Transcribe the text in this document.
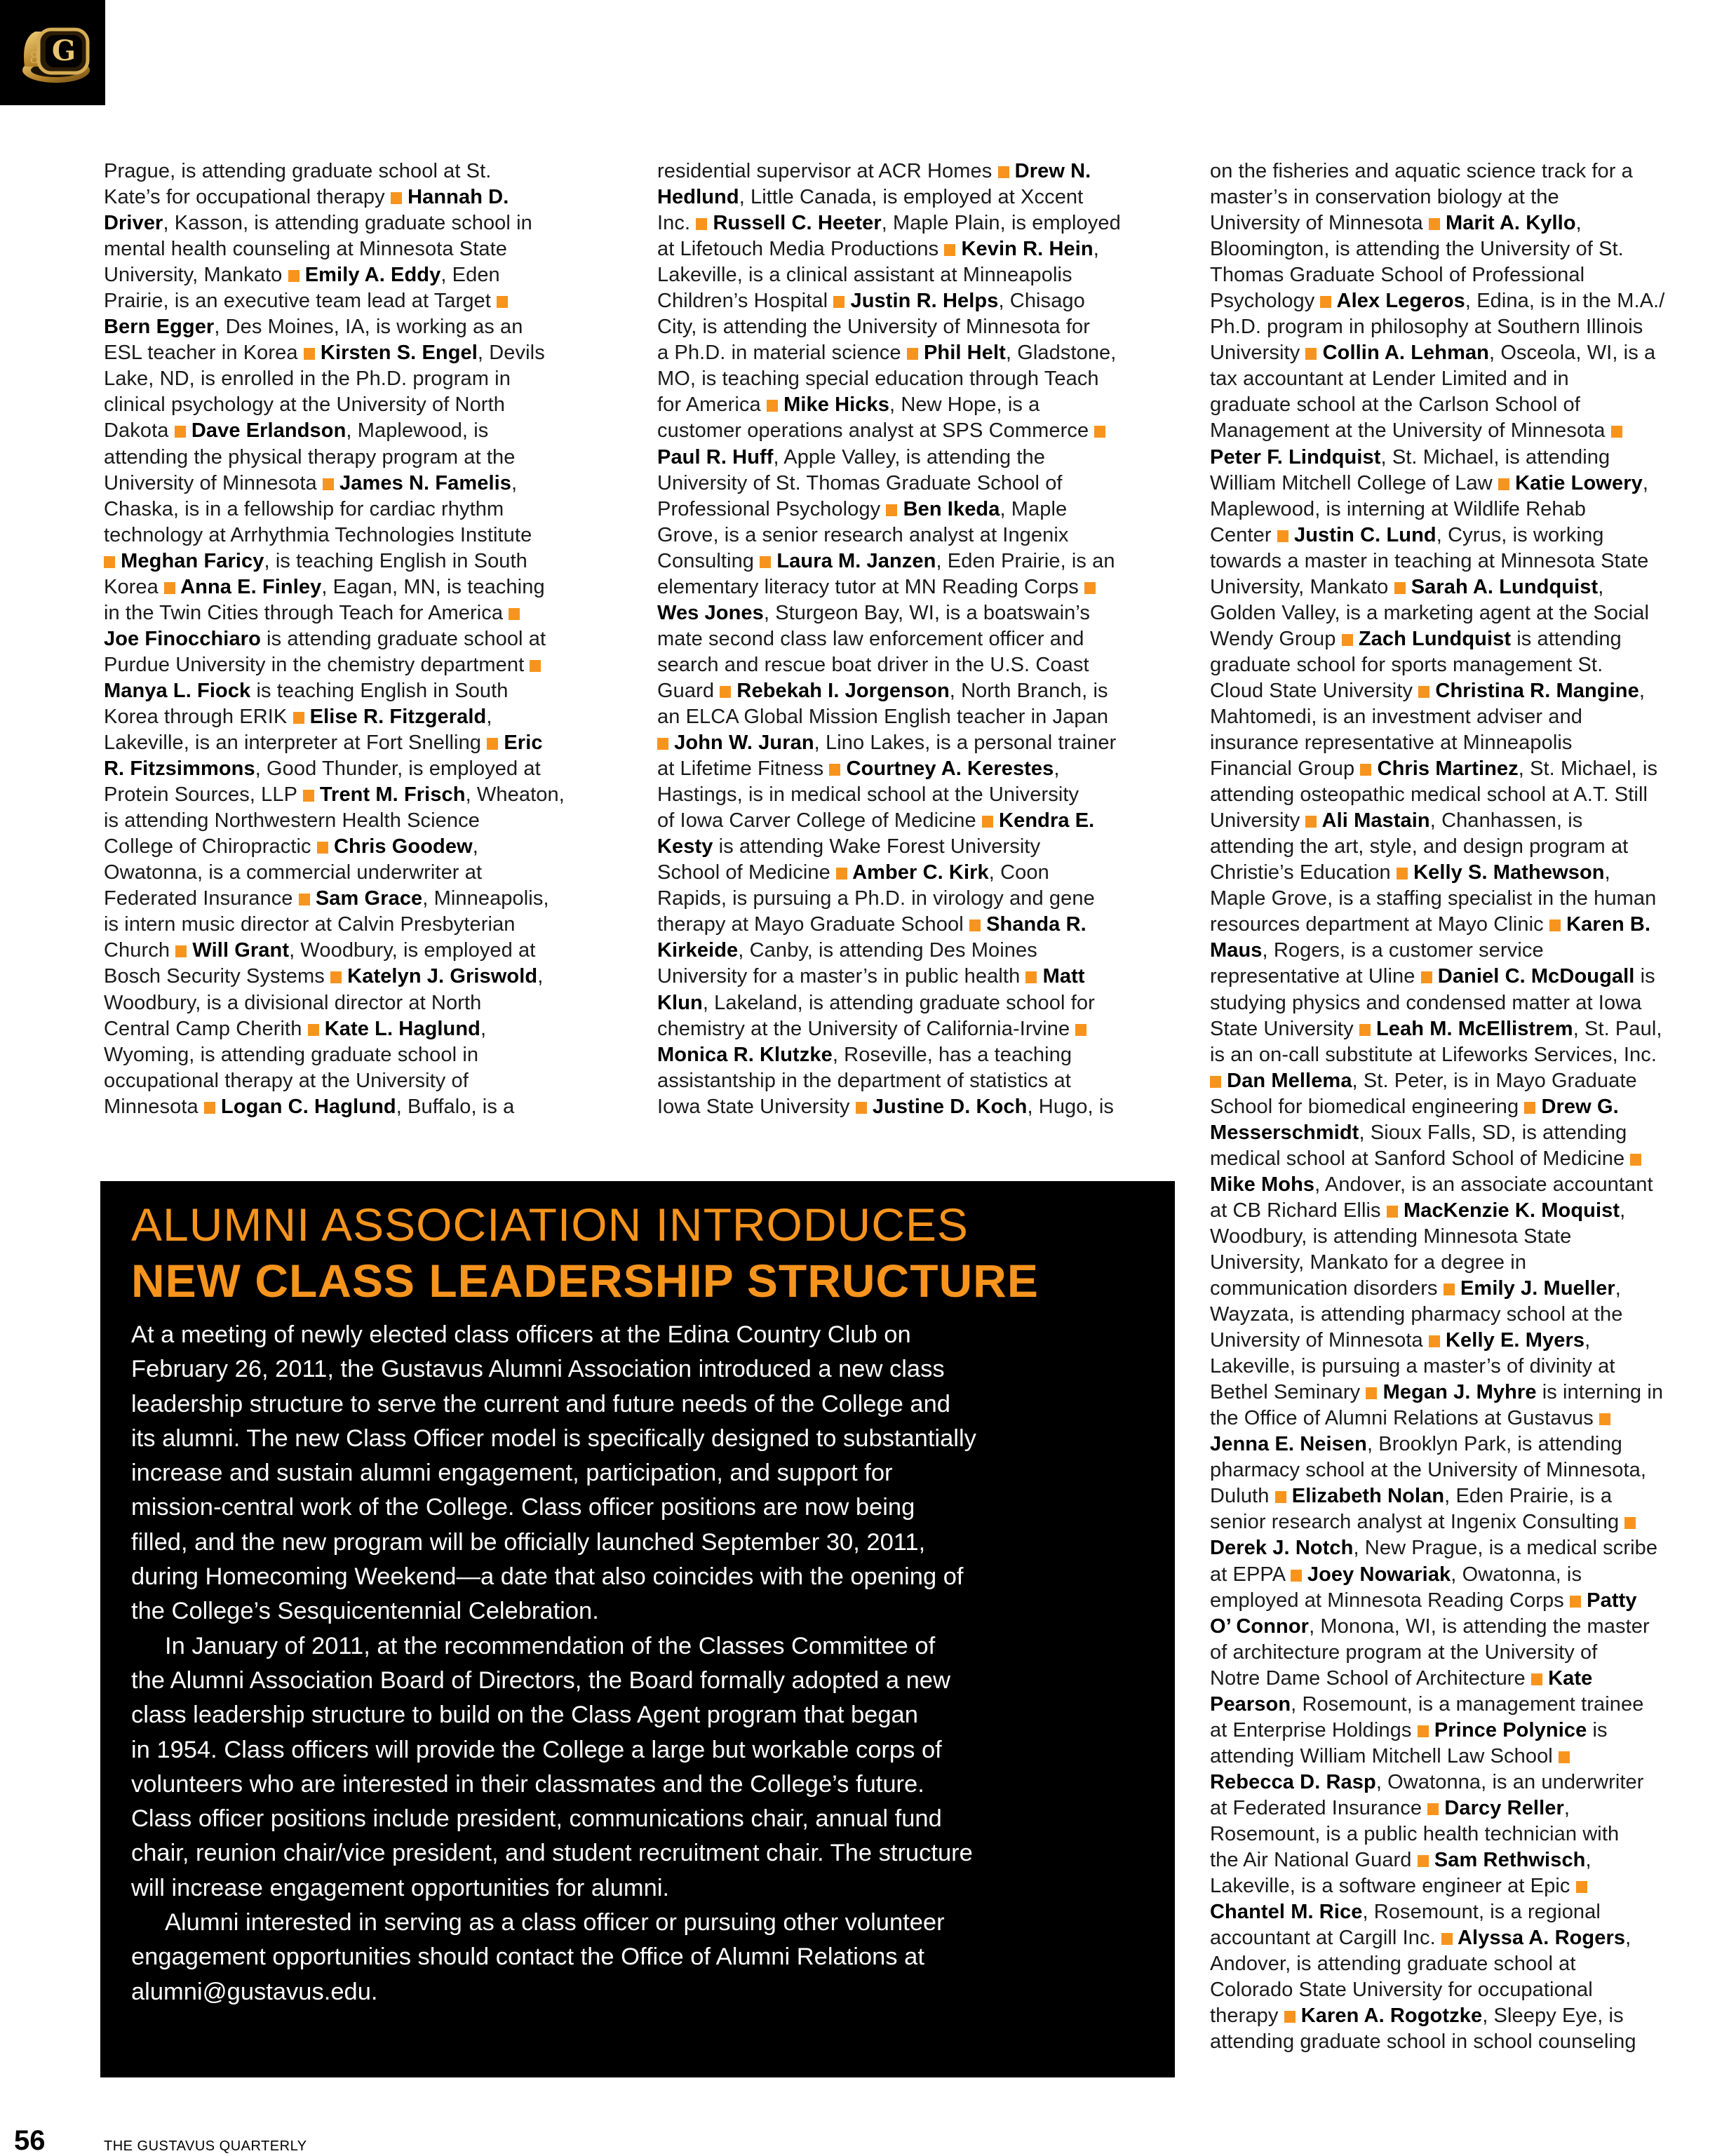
G
8
Prague, is attending graduate school at St.
Kate’s for occupational therapy  Hannah D.
Driver, Kasson, is attending graduate school in
mental health counseling at Minnesota State
University, Mankato  Emily A. Eddy, Eden
Prairie, is an executive team lead at Target
Bern Egger, Des Moines, IA, is working as an
ESL teacher in Korea  Kirsten S. Engel, Devils
Lake, ND, is enrolled in the Ph.D. program in
clinical psychology at the University of North
Dakota  Dave Erlandson, Maplewood, is
attending the physical therapy program at the
University of Minnesota  James N. Famelis,
Chaska, is in a fellowship for cardiac rhythm
technology at Arrhythmia Technologies Institute
Meghan Faricy, is teaching English in South
Korea  Anna E. Finley, Eagan, MN, is teaching
in the Twin Cities through Teach for America
Joe Finocchiaro is attending graduate school at
Purdue University in the chemistry department
Manya L. Fiock is teaching English in South
Korea through ERIK  Elise R. Fitzgerald,
Lakeville, is an interpreter at Fort Snelling  Eric
R. Fitzsimmons, Good Thunder, is employed at
Protein Sources, LLP  Trent M. Frisch, Wheaton,
is attending Northwestern Health Science
College of Chiropractic  Chris Goodew,
Owatonna, is a commercial underwriter at
Federated Insurance  Sam Grace, Minneapolis,
is intern music director at Calvin Presbyterian
Church  Will Grant, Woodbury, is employed at
Bosch Security Systems  Katelyn J. Griswold,
Woodbury, is a divisional director at North
Central Camp Cherith  Kate L. Haglund,
Wyoming, is attending graduate school in
occupational therapy at the University of
Minnesota  Logan C. Haglund, Buffalo, is a
residential supervisor at ACR Homes  Drew N.
Hedlund, Little Canada, is employed at Xccent
Inc.  Russell C. Heeter, Maple Plain, is employed
at Lifetouch Media Productions  Kevin R. Hein,
Lakeville, is a clinical assistant at Minneapolis
Children’s Hospital  Justin R. Helps, Chisago
City, is attending the University of Minnesota for
a Ph.D. in material science  Phil Helt, Gladstone,
MO, is teaching special education through Teach
for America  Mike Hicks, New Hope, is a
customer operations analyst at SPS Commerce
Paul R. Huff, Apple Valley, is attending the
University of St. Thomas Graduate School of
Professional Psychology  Ben Ikeda, Maple
Grove, is a senior research analyst at Ingenix
Consulting  Laura M. Janzen, Eden Prairie, is an
elementary literacy tutor at MN Reading Corps
Wes Jones, Sturgeon Bay, WI, is a boatswain’s
mate second class law enforcement officer and
search and rescue boat driver in the U.S. Coast
Guard  Rebekah I. Jorgenson, North Branch, is
an ELCA Global Mission English teacher in Japan
John W. Juran, Lino Lakes, is a personal trainer
at Lifetime Fitness  Courtney A. Kerestes,
Hastings, is in medical school at the University
of Iowa Carver College of Medicine  Kendra E.
Kesty is attending Wake Forest University
School of Medicine  Amber C. Kirk, Coon
Rapids, is pursuing a Ph.D. in virology and gene
therapy at Mayo Graduate School  Shanda R.
Kirkeide, Canby, is attending Des Moines
University for a master’s in public health  Matt
Klun, Lakeland, is attending graduate school for
chemistry at the University of California-Irvine
Monica R. Klutzke, Roseville, has a teaching
assistantship in the department of statistics at
Iowa State University  Justine D. Koch, Hugo, is
on the fisheries and aquatic science track for a
master’s in conservation biology at the
University of Minnesota  Marit A. Kyllo,
Bloomington, is attending the University of St.
Thomas Graduate School of Professional
Psychology  Alex Legeros, Edina, is in the M.A./
Ph.D. program in philosophy at Southern Illinois
University  Collin A. Lehman, Osceola, WI, is a
tax accountant at Lender Limited and in
graduate school at the Carlson School of
Management at the University of Minnesota
Peter F. Lindquist, St. Michael, is attending
William Mitchell College of Law  Katie Lowery,
Maplewood, is interning at Wildlife Rehab
Center  Justin C. Lund, Cyrus, is working
towards a master in teaching at Minnesota State
University, Mankato  Sarah A. Lundquist,
Golden Valley, is a marketing agent at the Social
Wendy Group  Zach Lundquist is attending
graduate school for sports management St.
Cloud State University  Christina R. Mangine,
Mahtomedi, is an investment adviser and
insurance representative at Minneapolis
Financial Group  Chris Martinez, St. Michael, is
attending osteopathic medical school at A.T. Still
University  Ali Mastain, Chanhassen, is
attending the art, style, and design program at
Christie’s Education  Kelly S. Mathewson,
Maple Grove, is a staffing specialist in the human
resources department at Mayo Clinic  Karen B.
Maus, Rogers, is a customer service
representative at Uline  Daniel C. McDougall is
studying physics and condensed matter at Iowa
State University  Leah M. McEllistrem, St. Paul,
is an on-call substitute at Lifeworks Services, Inc.
Dan Mellema, St. Peter, is in Mayo Graduate
School for biomedical engineering  Drew G.
Messerschmidt, Sioux Falls, SD, is attending
medical school at Sanford School of Medicine
Mike Mohs, Andover, is an associate accountant
at CB Richard Ellis  MacKenzie K. Moquist,
Woodbury, is attending Minnesota State
University, Mankato for a degree in
communication disorders  Emily J. Mueller,
Wayzata, is attending pharmacy school at the
University of Minnesota  Kelly E. Myers,
Lakeville, is pursuing a master’s of divinity at
Bethel Seminary  Megan J. Myhre is interning in
the Office of Alumni Relations at Gustavus
Jenna E. Neisen, Brooklyn Park, is attending
pharmacy school at the University of Minnesota,
Duluth  Elizabeth Nolan, Eden Prairie, is a
senior research analyst at Ingenix Consulting
Derek J. Notch, New Prague, is a medical scribe
at EPPA  Joey Nowariak, Owatonna, is
employed at Minnesota Reading Corps  Patty
O’ Connor, Monona, WI, is attending the master
of architecture program at the University of
Notre Dame School of Architecture  Kate
Pearson, Rosemount, is a management trainee
at Enterprise Holdings  Prince Polynice is
attending William Mitchell Law School
Rebecca D. Rasp, Owatonna, is an underwriter
at Federated Insurance  Darcy Reller,
Rosemount, is a public health technician with
the Air National Guard  Sam Rethwisch,
Lakeville, is a software engineer at Epic
Chantel M. Rice, Rosemount, is a regional
accountant at Cargill Inc.  Alyssa A. Rogers,
Andover, is attending graduate school at
Colorado State University for occupational
therapy  Karen A. Rogotzke, Sleepy Eye, is
attending graduate school in school counseling
ALUMNI ASSOCIATION INTRODUCES
NEW CLASS LEADERSHIP STRUCTURE
At a meeting of newly elected class officers at the Edina Country Club on
February 26, 2011, the Gustavus Alumni Association introduced a new class
leadership structure to serve the current and future needs of the College and
its alumni. The new Class Officer model is specifically designed to substantially
increase and sustain alumni engagement, participation, and support for
mission-central work of the College. Class officer positions are now being
filled, and the new program will be officially launched September 30, 2011,
during Homecoming Weekend—a date that also coincides with the opening of
the College’s Sesquicentennial Celebration.
In January of 2011, at the recommendation of the Classes Committee of
the Alumni Association Board of Directors, the Board formally adopted a new
class leadership structure to build on the Class Agent program that began
in 1954. Class officers will provide the College a large but workable corps of
volunteers who are interested in their classmates and the College’s future.
Class officer positions include president, communications chair, annual fund
chair, reunion chair/vice president, and student recruitment chair. The structure
will increase engagement opportunities for alumni.
Alumni interested in serving as a class officer or pursuing other volunteer
engagement opportunities should contact the Office of Alumni Relations at
alumni@gustavus.edu.
56	THE GUSTAVUS QUARTERLY
